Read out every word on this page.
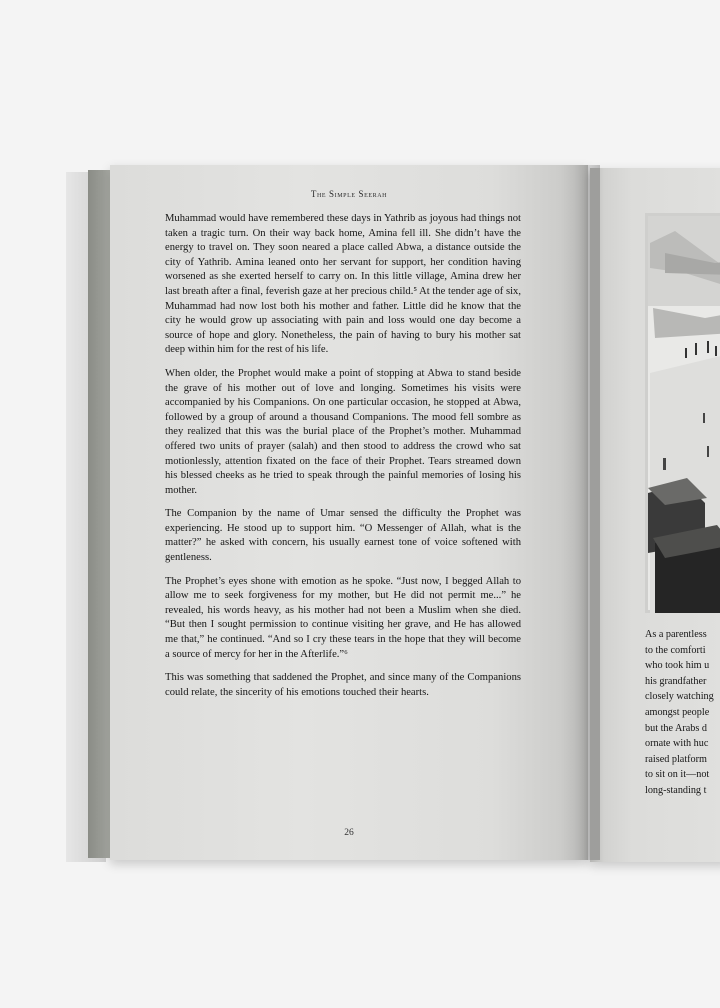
The Simple Seerah

Muhammad would have remembered these days in Yathrib as joyous had things not taken a tragic turn. On their way back home, Amina fell ill. She didn’t have the energy to travel on. They soon neared a place called Abwa, a distance outside the city of Yathrib. Amina leaned onto her servant for support, her condition having worsened as she exerted herself to carry on. In this little village, Amina drew her last breath after a final, feverish gaze at her precious child.⁵ At the tender age of six, Muhammad had now lost both his mother and father. Little did he know that the city he would grow up associating with pain and loss would one day become a source of hope and glory. Nonetheless, the pain of having to bury his mother sat deep within him for the rest of his life.

When older, the Prophet would make a point of stopping at Abwa to stand beside the grave of his mother out of love and longing. Sometimes his visits were accompanied by his Companions. On one particular occasion, he stopped at Abwa, followed by a group of around a thousand Companions. The mood fell sombre as they realized that this was the burial place of the Prophet’s mother. Muhammad offered two units of prayer (salah) and then stood to address the crowd who sat motionlessly, attention fixated on the face of their Prophet. Tears streamed down his blessed cheeks as he tried to speak through the painful memories of losing his mother.

The Companion by the name of Umar sensed the difficulty the Prophet was experiencing. He stood up to support him. “O Messenger of Allah, what is the matter?” he asked with concern, his usually earnest tone of voice softened with gentleness.

The Prophet’s eyes shone with emotion as he spoke. “Just now, I begged Allah to allow me to seek forgiveness for my mother, but He did not permit me...” he revealed, his words heavy, as his mother had not been a Muslim when she died. “But then I sought permission to continue visiting her grave, and He has allowed me that,” he continued. “And so I cry these tears in the hope that they will become a source of mercy for her in the Afterlife.”⁶

This was something that saddened the Prophet, and since many of the Companions could relate, the sincerity of his emotions touched their hearts.

26
As a parentless
to the comforti
who took him u
his grandfather
closely watching
amongst people
but the Arabs d
ornate with huc
raised platform
to sit on it—not
long-standing t
